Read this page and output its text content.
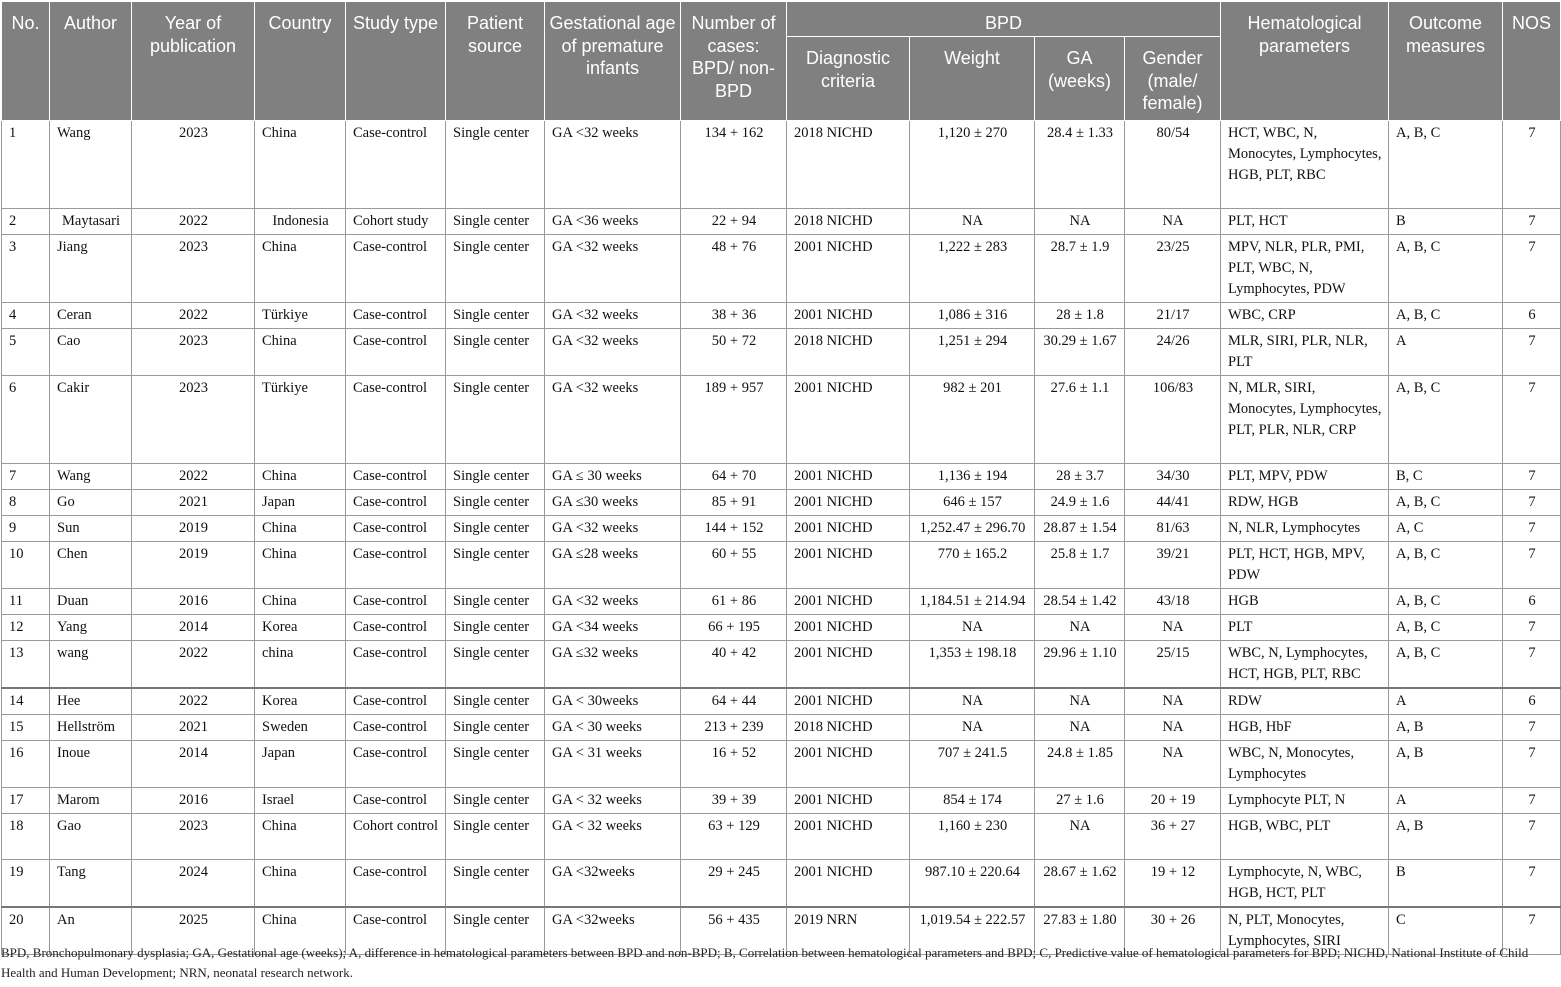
No.	Author	Year of publication	Country	Study type	Patient source	Gestational age of premature infants	Number of cases: BPD/ non-BPD	BPD				Hematological parameters	Outcome measures	NOS
								Diagnostic criteria	Weight	GA (weeks)	Gender (male/ female)			
1	Wang	2023	China	Case-control	Single center	GA <32 weeks	134 + 162	2018 NICHD	1,120 ± 270	28.4 ± 1.33	80/54	HCT, WBC, N, Monocytes, Lymphocytes, HGB, PLT, RBC	A, B, C	7
2	Maytasari	2022	Indonesia	Cohort study	Single center	GA <36 weeks	22 + 94	2018 NICHD	NA	NA	NA	PLT, HCT	B	7
3	Jiang	2023	China	Case-control	Single center	GA <32 weeks	48 + 76	2001 NICHD	1,222 ± 283	28.7 ± 1.9	23/25	MPV, NLR, PLR, PMI, PLT, WBC, N, Lymphocytes, PDW	A, B, C	7
4	Ceran	2022	Türkiye	Case-control	Single center	GA <32 weeks	38 + 36	2001 NICHD	1,086 ± 316	28 ± 1.8	21/17	WBC, CRP	A, B, C	6
5	Cao	2023	China	Case-control	Single center	GA <32 weeks	50 + 72	2018 NICHD	1,251 ± 294	30.29 ± 1.67	24/26	MLR, SIRI, PLR, NLR, PLT	A	7
6	Cakir	2023	Türkiye	Case-control	Single center	GA <32 weeks	189 + 957	2001 NICHD	982 ± 201	27.6 ± 1.1	106/83	N, MLR, SIRI, Monocytes, Lymphocytes, PLT, PLR, NLR, CRP	A, B, C	7
7	Wang	2022	China	Case-control	Single center	GA ≤ 30 weeks	64 + 70	2001 NICHD	1,136 ± 194	28 ± 3.7	34/30	PLT, MPV, PDW	B, C	7
8	Go	2021	Japan	Case-control	Single center	GA ≤30 weeks	85 + 91	2001 NICHD	646 ± 157	24.9 ± 1.6	44/41	RDW, HGB	A, B, C	7
9	Sun	2019	China	Case-control	Single center	GA <32 weeks	144 + 152	2001 NICHD	1,252.47 ± 296.70	28.87 ± 1.54	81/63	N, NLR, Lymphocytes	A, C	7
10	Chen	2019	China	Case-control	Single center	GA ≤28 weeks	60 + 55	2001 NICHD	770 ± 165.2	25.8 ± 1.7	39/21	PLT, HCT, HGB, MPV, PDW	A, B, C	7
11	Duan	2016	China	Case-control	Single center	GA <32 weeks	61 + 86	2001 NICHD	1,184.51 ± 214.94	28.54 ± 1.42	43/18	HGB	A, B, C	6
12	Yang	2014	Korea	Case-control	Single center	GA <34 weeks	66 + 195	2001 NICHD	NA	NA	NA	PLT	A, B, C	7
13	wang	2022	china	Case-control	Single center	GA ≤32 weeks	40 + 42	2001 NICHD	1,353 ± 198.18	29.96 ± 1.10	25/15	WBC, N, Lymphocytes, HCT, HGB, PLT, RBC	A, B, C	7
14	Hee	2022	Korea	Case-control	Single center	GA < 30weeks	64 + 44	2001 NICHD	NA	NA	NA	RDW	A	6
15	Hellström	2021	Sweden	Case-control	Single center	GA < 30 weeks	213 + 239	2018 NICHD	NA	NA	NA	HGB, HbF	A, B	7
16	Inoue	2014	Japan	Case-control	Single center	GA < 31 weeks	16 + 52	2001 NICHD	707 ± 241.5	24.8 ± 1.85	NA	WBC, N, Monocytes, Lymphocytes	A, B	7
17	Marom	2016	Israel	Case-control	Single center	GA < 32 weeks	39 + 39	2001 NICHD	854 ± 174	27 ± 1.6	20 + 19	Lymphocyte PLT, N	A	7
18	Gao	2023	China	Cohort control	Single center	GA < 32 weeks	63 + 129	2001 NICHD	1,160 ± 230	NA	36 + 27	HGB, WBC, PLT	A, B	7
19	Tang	2024	China	Case-control	Single center	GA <32weeks	29 + 245	2001 NICHD	987.10 ± 220.64	28.67 ± 1.62	19 + 12	Lymphocyte, N, WBC, HGB, HCT, PLT	B	7
20	An	2025	China	Case-control	Single center	GA <32weeks	56 + 435	2019 NRN	1,019.54 ± 222.57	27.83 ± 1.80	30 + 26	N, PLT, Monocytes, Lymphocytes, SIRI	C	7
BPD, Bronchopulmonary dysplasia; GA, Gestational age (weeks); A, difference in hematological parameters between BPD and non-BPD; B, Correlation between hematological parameters and BPD; C, Predictive value of hematological parameters for BPD; NICHD, National Institute of Child Health and Human Development; NRN, neonatal research network.
